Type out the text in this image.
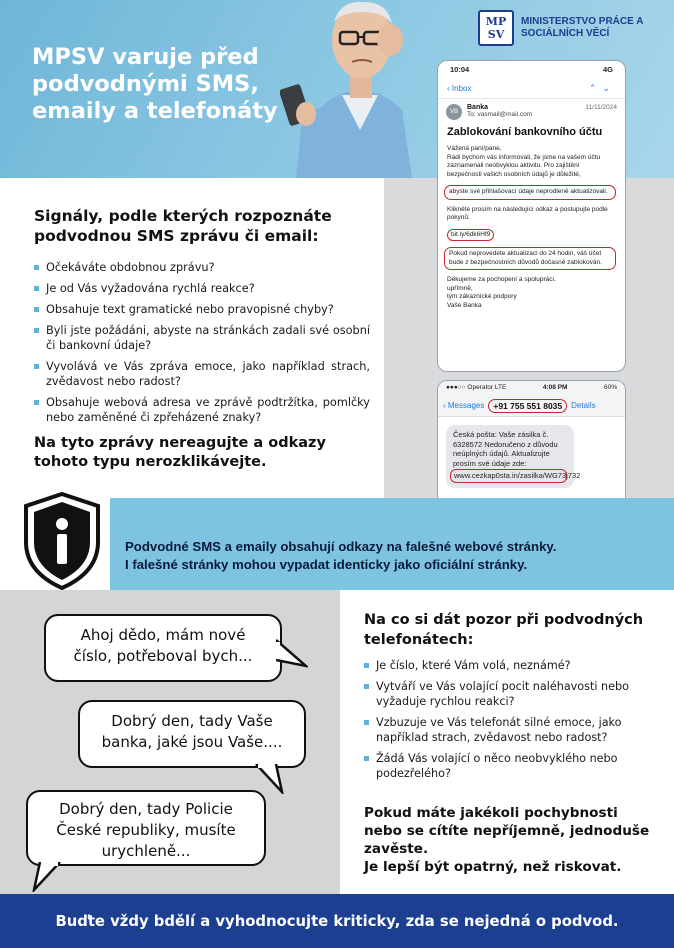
MPSV varuje před podvodnými SMS, emaily a telefonáty
MP
SV
MINISTERSTVO PRÁCE A SOCIÁLNÍCH VĚCÍ
Signály, podle kterých rozpoznáte podvodnou SMS zprávu či email:
Očekáváte obdobnou zprávu?
Je od Vás vyžadována rychlá reakce?
Obsahuje text gramatické nebo pravopisné chyby?
Byli jste požádáni, abyste na stránkách zadali své osobní či bankovní údaje?
Vyvolává ve Vás zpráva emoce, jako například strach, zvědavost nebo radost?
Obsahuje webová adresa ve zprávě podtržítka, pomlčky nebo zaměněné či zpřeházené znaky?
Na tyto zprávy nereagujte a odkazy tohoto typu nerozklikávejte.
10:04	4G
‹ Inbox	⌃⌄
VB
Banka
To: vasmail@mail.com
11/11/2024
Zablokování bankovního účtu

Vážená paní/pane,
Rádi bychom vás informovali, že jsme na vašem účtu zaznamenali neobvyklou aktivitu. Pro zajištění bezpečnosti vašich osobních údajů je důležité,

abyste své přihlašovací údaje neprodleně aktualizovali.

Klikněte prosím na následující odkaz a postupujte podle pokynů:

bit.ly/6dk6Hf9

Pokud neprovedete aktualizaci do 24 hodin, váš účet bude z bezpečnostních důvodů dočasně zablokován.

Děkujeme za pochopení a spolupráci.
upřímně,
tým zákaznické podpory
Vaše Banka

●●●○○ Operator LTE	4:08 PM	60%
‹ Messages	+91 755 551 8035	Details
Česká pošta: Vaše zásilka č. 6328572 Nedoručeno z důvodu neúplných údajů. Aktualizujte prosím své údaje zde:
www.cezkap0sta.in/zasilka/WG73j732
Podvodné SMS a emaily obsahují odkazy na falešné webové stránky.
I falešné stránky mohou vypadat identicky jako oficiální stránky.
Ahoj dědo, mám nové číslo, potřeboval bych...
Dobrý den, tady Vaše banka, jaké jsou Vaše....
Dobrý den, tady Policie České republiky, musíte urychleně...
Na co si dát pozor při podvodných telefonátech:
Je číslo, které Vám volá, neznámé?
Vytváří ve Vás volající pocit naléhavosti nebo vyžaduje rychlou reakci?
Vzbuzuje ve Vás telefonát silné emoce, jako například strach, zvědavost nebo radost?
Žádá Vás volající o něco neobvyklého nebo podezřelého?
Pokud máte jakékoli pochybnosti nebo se cítíte nepříjemně, jednoduše zavěste.
Je lepší být opatrný, než riskovat.
Buďte vždy bdělí a vyhodnocujte kriticky, zda se nejedná o podvod.
